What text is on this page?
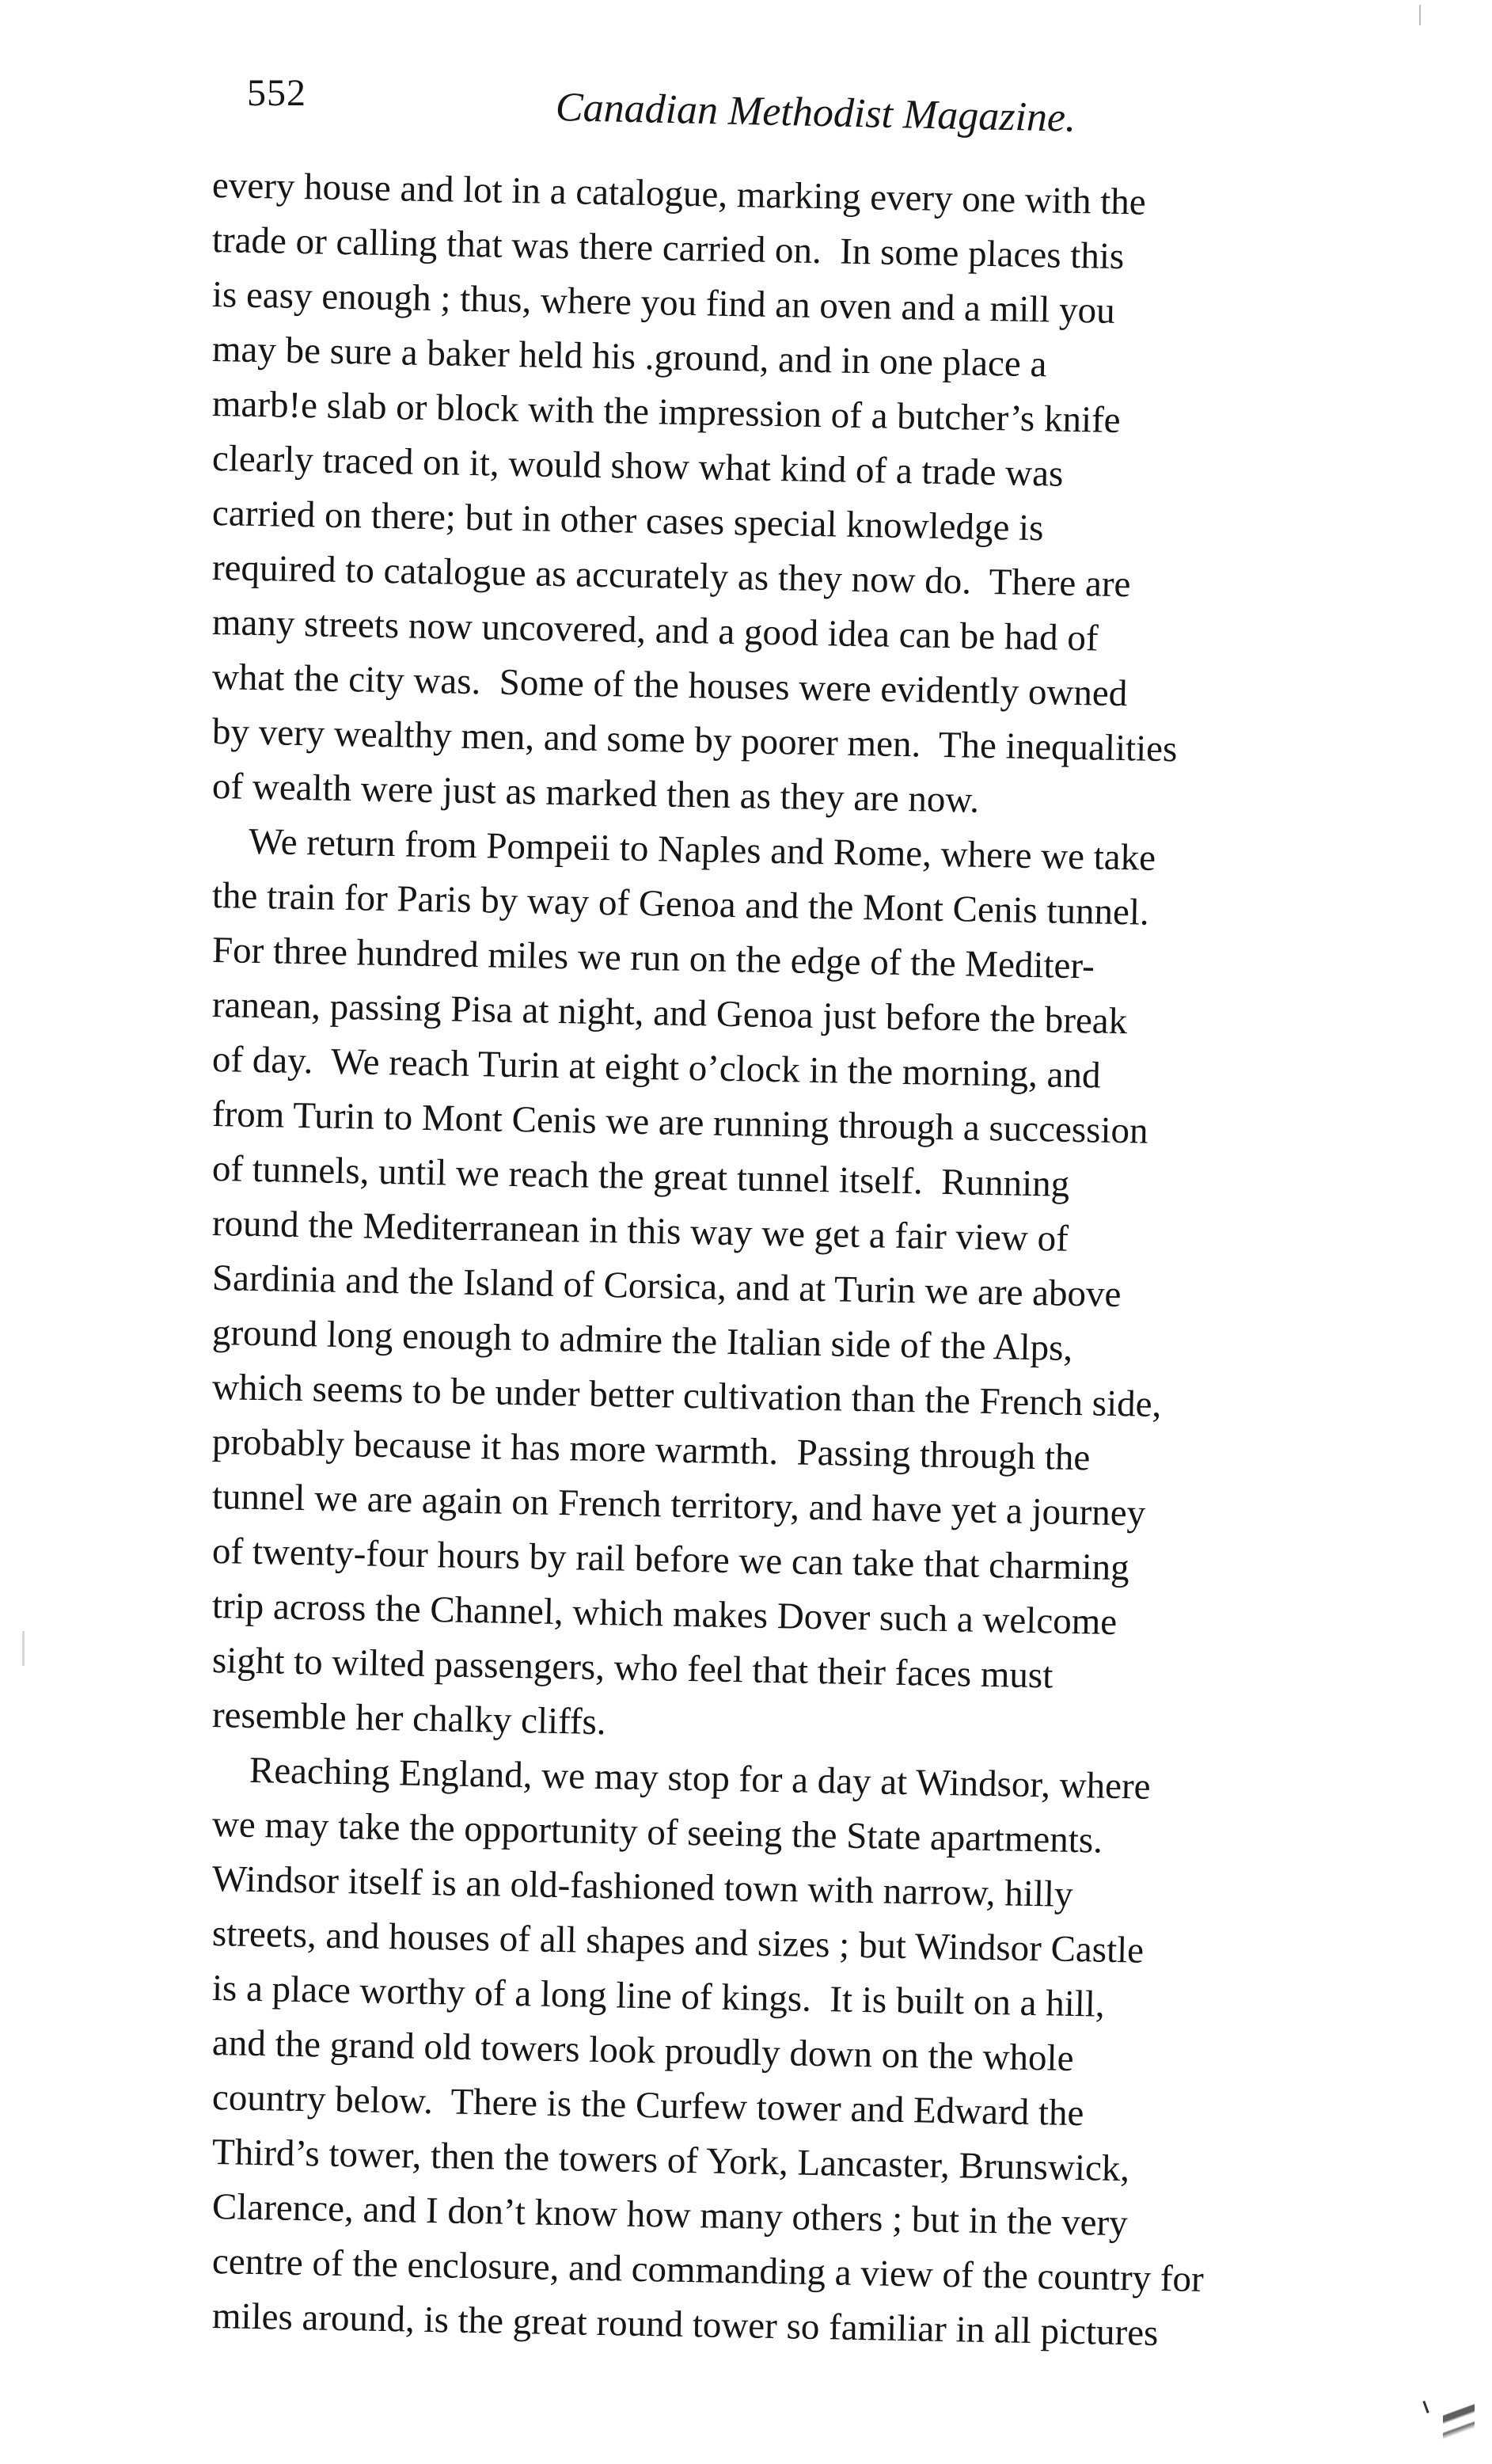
552	Canadian Methodist Magazine.
every house and lot in a catalogue, marking every one with the
trade or calling that was there carried on.  In some places this
is easy enough ; thus, where you find an oven and a mill you
may be sure a baker held his .ground, and in one place a
marb!e slab or block with the impression of a butcher’s knife
clearly traced on it, would show what kind of a trade was
carried on there; but in other cases special knowledge is
required to catalogue as accurately as they now do.  There are
many streets now uncovered, and a good idea can be had of
what the city was.  Some of the houses were evidently owned
by very wealthy men, and some by poorer men.  The inequalities
of wealth were just as marked then as they are now.
We return from Pompeii to Naples and Rome, where we take
the train for Paris by way of Genoa and the Mont Cenis tunnel.
For three hundred miles we run on the edge of the Mediter-
ranean, passing Pisa at night, and Genoa just before the break
of day.  We reach Turin at eight o’clock in the morning, and
from Turin to Mont Cenis we are running through a succession
of tunnels, until we reach the great tunnel itself.  Running
round the Mediterranean in this way we get a fair view of
Sardinia and the Island of Corsica, and at Turin we are above
ground long enough to admire the Italian side of the Alps,
which seems to be under better cultivation than the French side,
probably because it has more warmth.  Passing through the
tunnel we are again on French territory, and have yet a journey
of twenty-four hours by rail before we can take that charming
trip across the Channel, which makes Dover such a welcome
sight to wilted passengers, who feel that their faces must
resemble her chalky cliffs.
Reaching England, we may stop for a day at Windsor, where
we may take the opportunity of seeing the State apartments.
Windsor itself is an old-fashioned town with narrow, hilly
streets, and houses of all shapes and sizes ; but Windsor Castle
is a place worthy of a long line of kings.  It is built on a hill,
and the grand old towers look proudly down on the whole
country below.  There is the Curfew tower and Edward the
Third’s tower, then the towers of York, Lancaster, Brunswick,
Clarence, and I don’t know how many others ; but in the very
centre of the enclosure, and commanding a view of the country for
miles around, is the great round tower so familiar in all pictures
